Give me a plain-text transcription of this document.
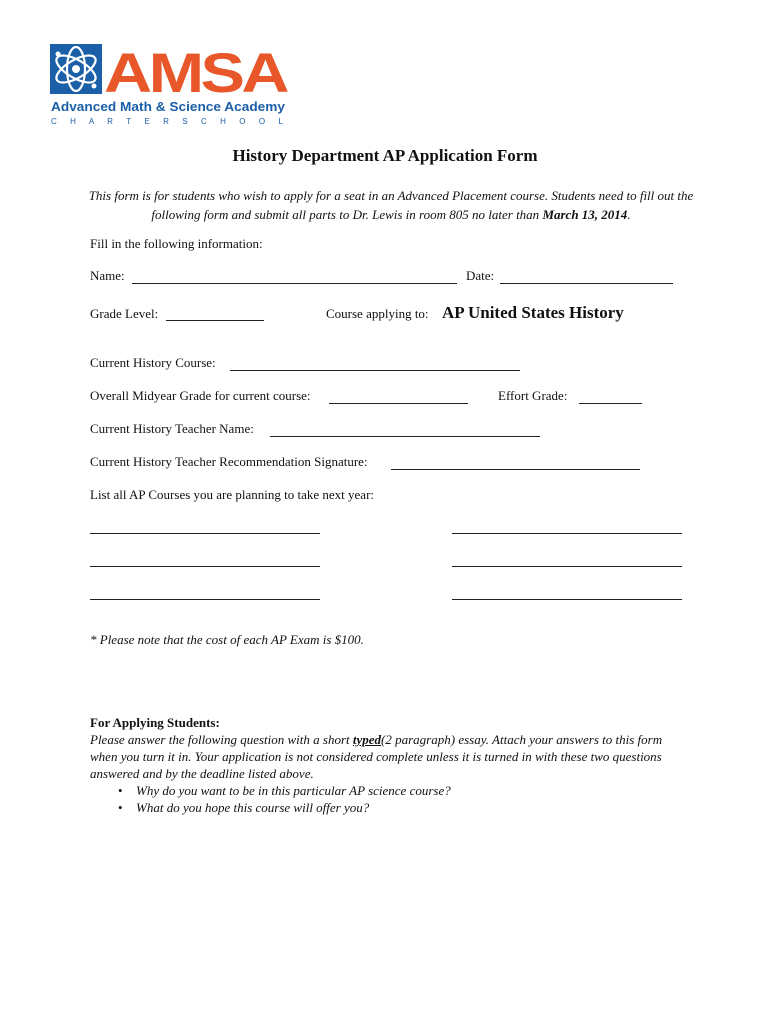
AMSA
Advanced Math & Science Academy
C H A R T E R S C H O O L
History Department AP Application Form
This form is for students who wish to apply for a seat in an Advanced Placement course. Students need to fill out the following form and submit all parts to Dr. Lewis in room 805 no later than March 13, 2014.
Fill in the following information:
Name:	Date:
Grade Level:	Course applying to: AP United States History
Current History Course:
Overall Midyear Grade for current course:	Effort Grade:
Current History Teacher Name:
Current History Teacher Recommendation Signature:
List all AP Courses you are planning to take next year:
* Please note that the cost of each AP Exam is $100.
For Applying Students:
Please answer the following question with a short typed(2 paragraph) essay. Attach your answers to this form when you turn it in. Your application is not considered complete unless it is turned in with these two questions answered and by the deadline listed above.
• Why do you want to be in this particular AP science course?
• What do you hope this course will offer you?
